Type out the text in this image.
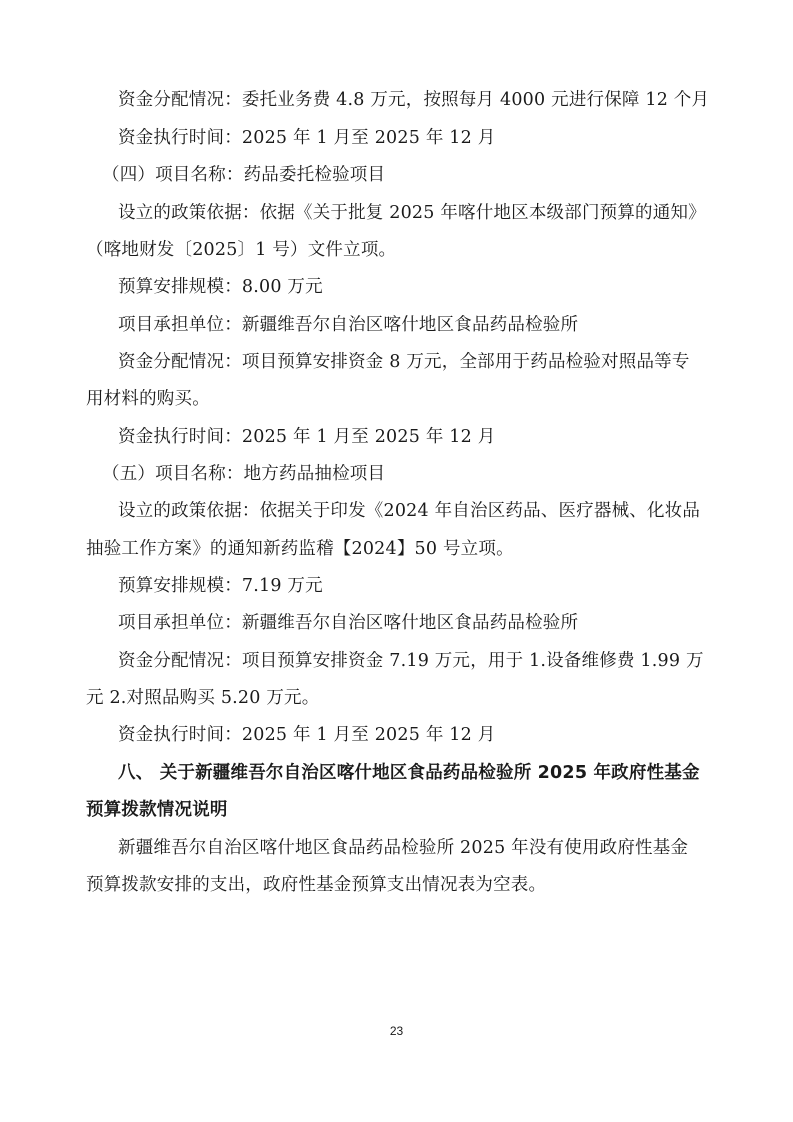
资金分配情况：委托业务费 4.8 万元，按照每月 4000 元进行保障 12 个月
资金执行时间：2025 年 1 月至 2025 年 12 月
（四）项目名称：药品委托检验项目
设立的政策依据：依据《关于批复 2025 年喀什地区本级部门预算的通知》
（喀地财发〔2025〕1 号）文件立项。
预算安排规模：8.00 万元
项目承担单位：新疆维吾尔自治区喀什地区食品药品检验所
资金分配情况：项目预算安排资金 8 万元，全部用于药品检验对照品等专
用材料的购买。
资金执行时间：2025 年 1 月至 2025 年 12 月
（五）项目名称：地方药品抽检项目
设立的政策依据：依据关于印发《2024 年自治区药品、医疗器械、化妆品
抽验工作方案》的通知新药监稽【2024】50 号立项。
预算安排规模：7.19 万元
项目承担单位：新疆维吾尔自治区喀什地区食品药品检验所
资金分配情况：项目预算安排资金 7.19 万元，用于 1.设备维修费 1.99 万
元 2.对照品购买 5.20 万元。
资金执行时间：2025 年 1 月至 2025 年 12 月
八、 关于新疆维吾尔自治区喀什地区食品药品检验所 2025 年政府性基金
预算拨款情况说明
新疆维吾尔自治区喀什地区食品药品检验所 2025 年没有使用政府性基金
预算拨款安排的支出，政府性基金预算支出情况表为空表。
23
